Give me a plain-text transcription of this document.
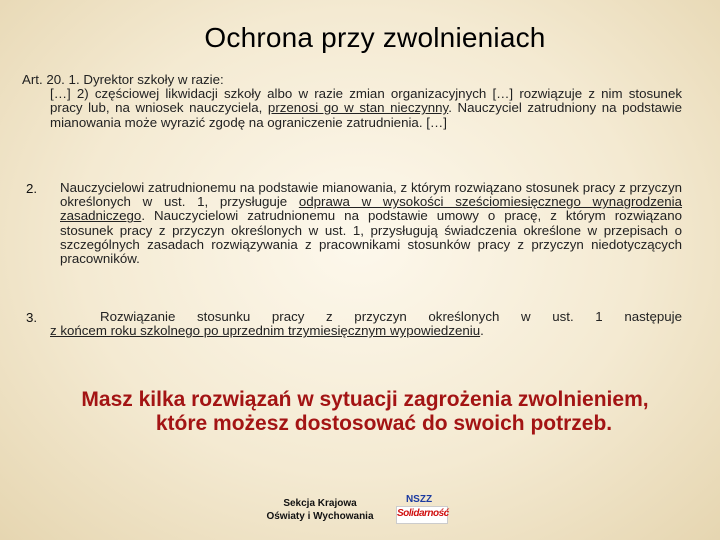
Ochrona przy zwolnieniach
Art. 20. 1. Dyrektor szkoły w razie:
[…] 2) częściowej likwidacji szkoły albo w razie zmian organizacyjnych […] rozwiązuje z nim stosunek pracy lub, na wniosek nauczyciela, przenosi go w stan nieczynny. Nauczyciel zatrudniony na podstawie mianowania może wyrazić zgodę na ograniczenie zatrudnienia. […]
2. Nauczycielowi zatrudnionemu na podstawie mianowania, z którym rozwiązano stosunek pracy z przyczyn określonych w ust. 1, przysługuje odprawa w wysokości sześciomiesięcznego wynagrodzenia zasadniczego. Nauczycielowi zatrudnionemu na podstawie umowy o pracę, z którym rozwiązano stosunek pracy z przyczyn określonych w ust. 1, przysługują świadczenia określone w przepisach o szczególnych zasadach rozwiązywania z pracownikami stosunków pracy z przyczyn niedotyczących pracowników.
3.	Rozwiązanie stosunku pracy z przyczyn określonych w ust. 1 następuje
z końcem roku szkolnego po uprzednim trzymiesięcznym wypowiedzeniu.
Masz kilka rozwiązań w sytuacji zagrożenia zwolnieniem,
które możesz dostosować do swoich potrzeb.
Sekcja Krajowa
Oświaty i Wychowania
NSZZ
Solidarność
